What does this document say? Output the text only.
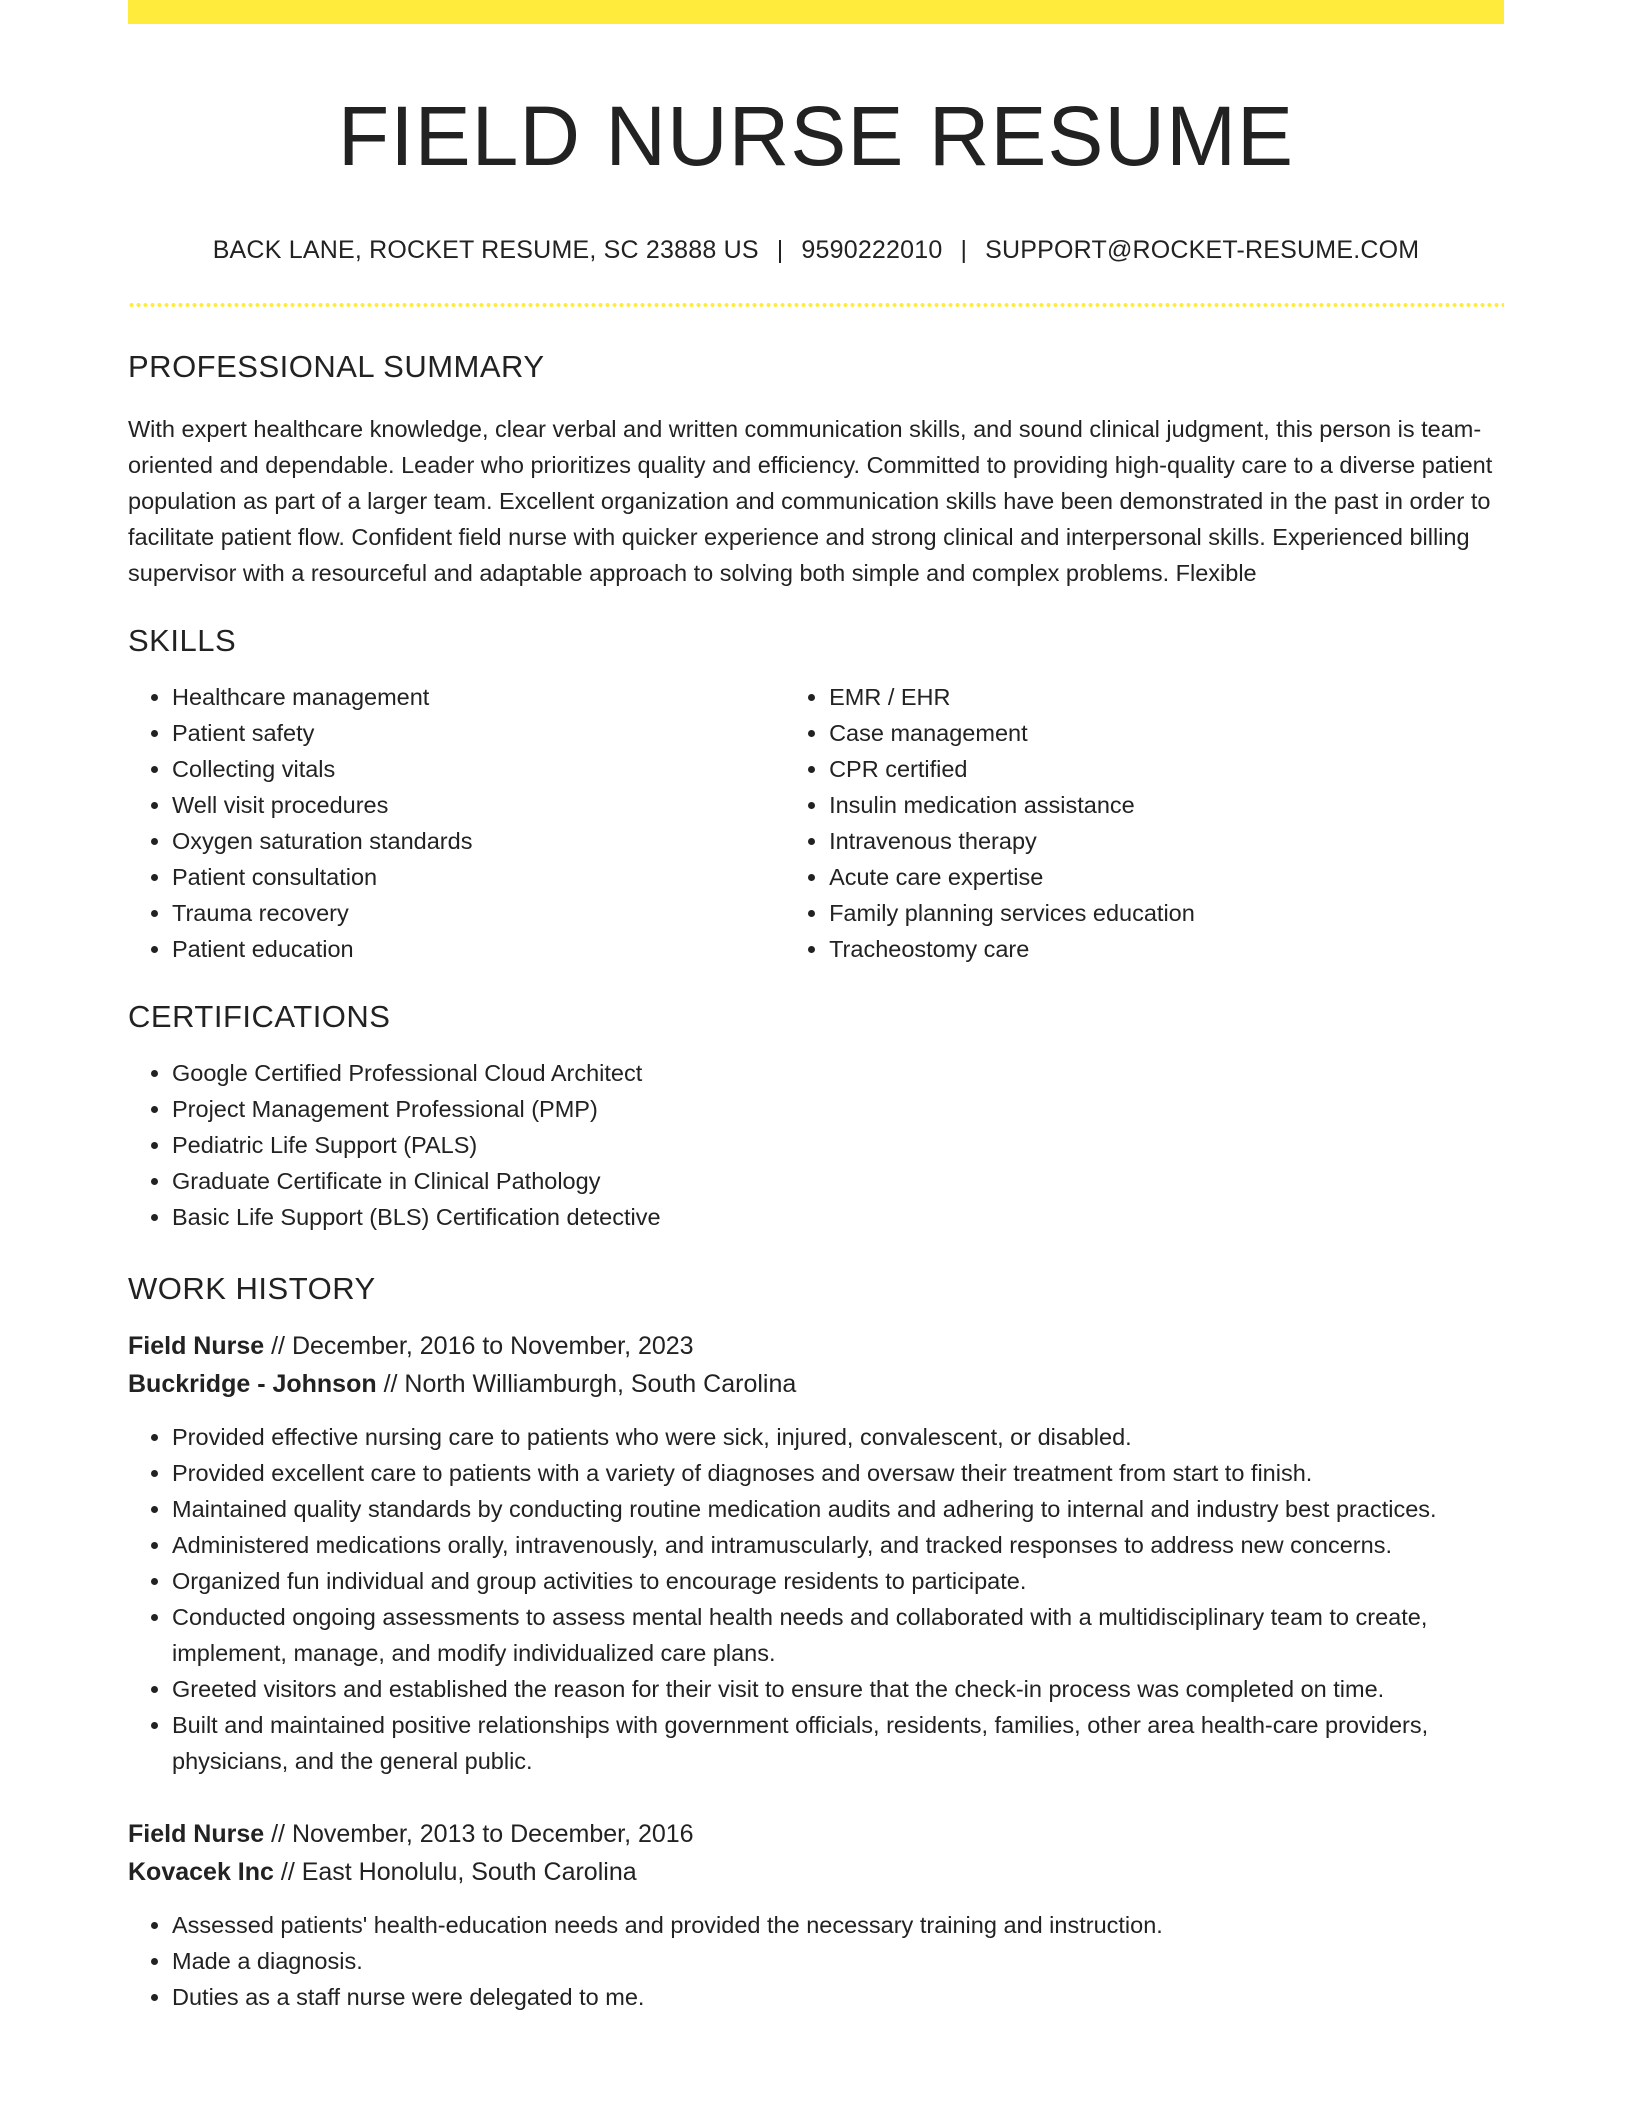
FIELD NURSE RESUME
BACK LANE, ROCKET RESUME, SC 23888 US | 9590222010 | SUPPORT@ROCKET-RESUME.COM
PROFESSIONAL SUMMARY

With expert healthcare knowledge, clear verbal and written communication skills, and sound clinical judgment, this person is team-oriented and dependable. Leader who prioritizes quality and efficiency. Committed to providing high-quality care to a diverse patient population as part of a larger team. Excellent organization and communication skills have been demonstrated in the past in order to facilitate patient flow. Confident field nurse with quicker experience and strong clinical and interpersonal skills. Experienced billing supervisor with a resourceful and adaptable approach to solving both simple and complex problems. Flexible

SKILLS
• Healthcare management
• Patient safety
• Collecting vitals
• Well visit procedures
• Oxygen saturation standards
• Patient consultation
• Trauma recovery
• Patient education
• EMR / EHR
• Case management
• CPR certified
• Insulin medication assistance
• Intravenous therapy
• Acute care expertise
• Family planning services education
• Tracheostomy care
CERTIFICATIONS
• Google Certified Professional Cloud Architect
• Project Management Professional (PMP)
• Pediatric Life Support (PALS)
• Graduate Certificate in Clinical Pathology
• Basic Life Support (BLS) Certification detective
WORK HISTORY
Field Nurse // December, 2016 to November, 2023
Buckridge - Johnson // North Williamburgh, South Carolina
• Provided effective nursing care to patients who were sick, injured, convalescent, or disabled.
• Provided excellent care to patients with a variety of diagnoses and oversaw their treatment from start to finish.
• Maintained quality standards by conducting routine medication audits and adhering to internal and industry best practices.
• Administered medications orally, intravenously, and intramuscularly, and tracked responses to address new concerns.
• Organized fun individual and group activities to encourage residents to participate.
• Conducted ongoing assessments to assess mental health needs and collaborated with a multidisciplinary team to create, implement, manage, and modify individualized care plans.
• Greeted visitors and established the reason for their visit to ensure that the check-in process was completed on time.
• Built and maintained positive relationships with government officials, residents, families, other area health-care providers, physicians, and the general public.
Field Nurse // November, 2013 to December, 2016
Kovacek Inc // East Honolulu, South Carolina
• Assessed patients' health-education needs and provided the necessary training and instruction.
• Made a diagnosis.
• Duties as a staff nurse were delegated to me.
